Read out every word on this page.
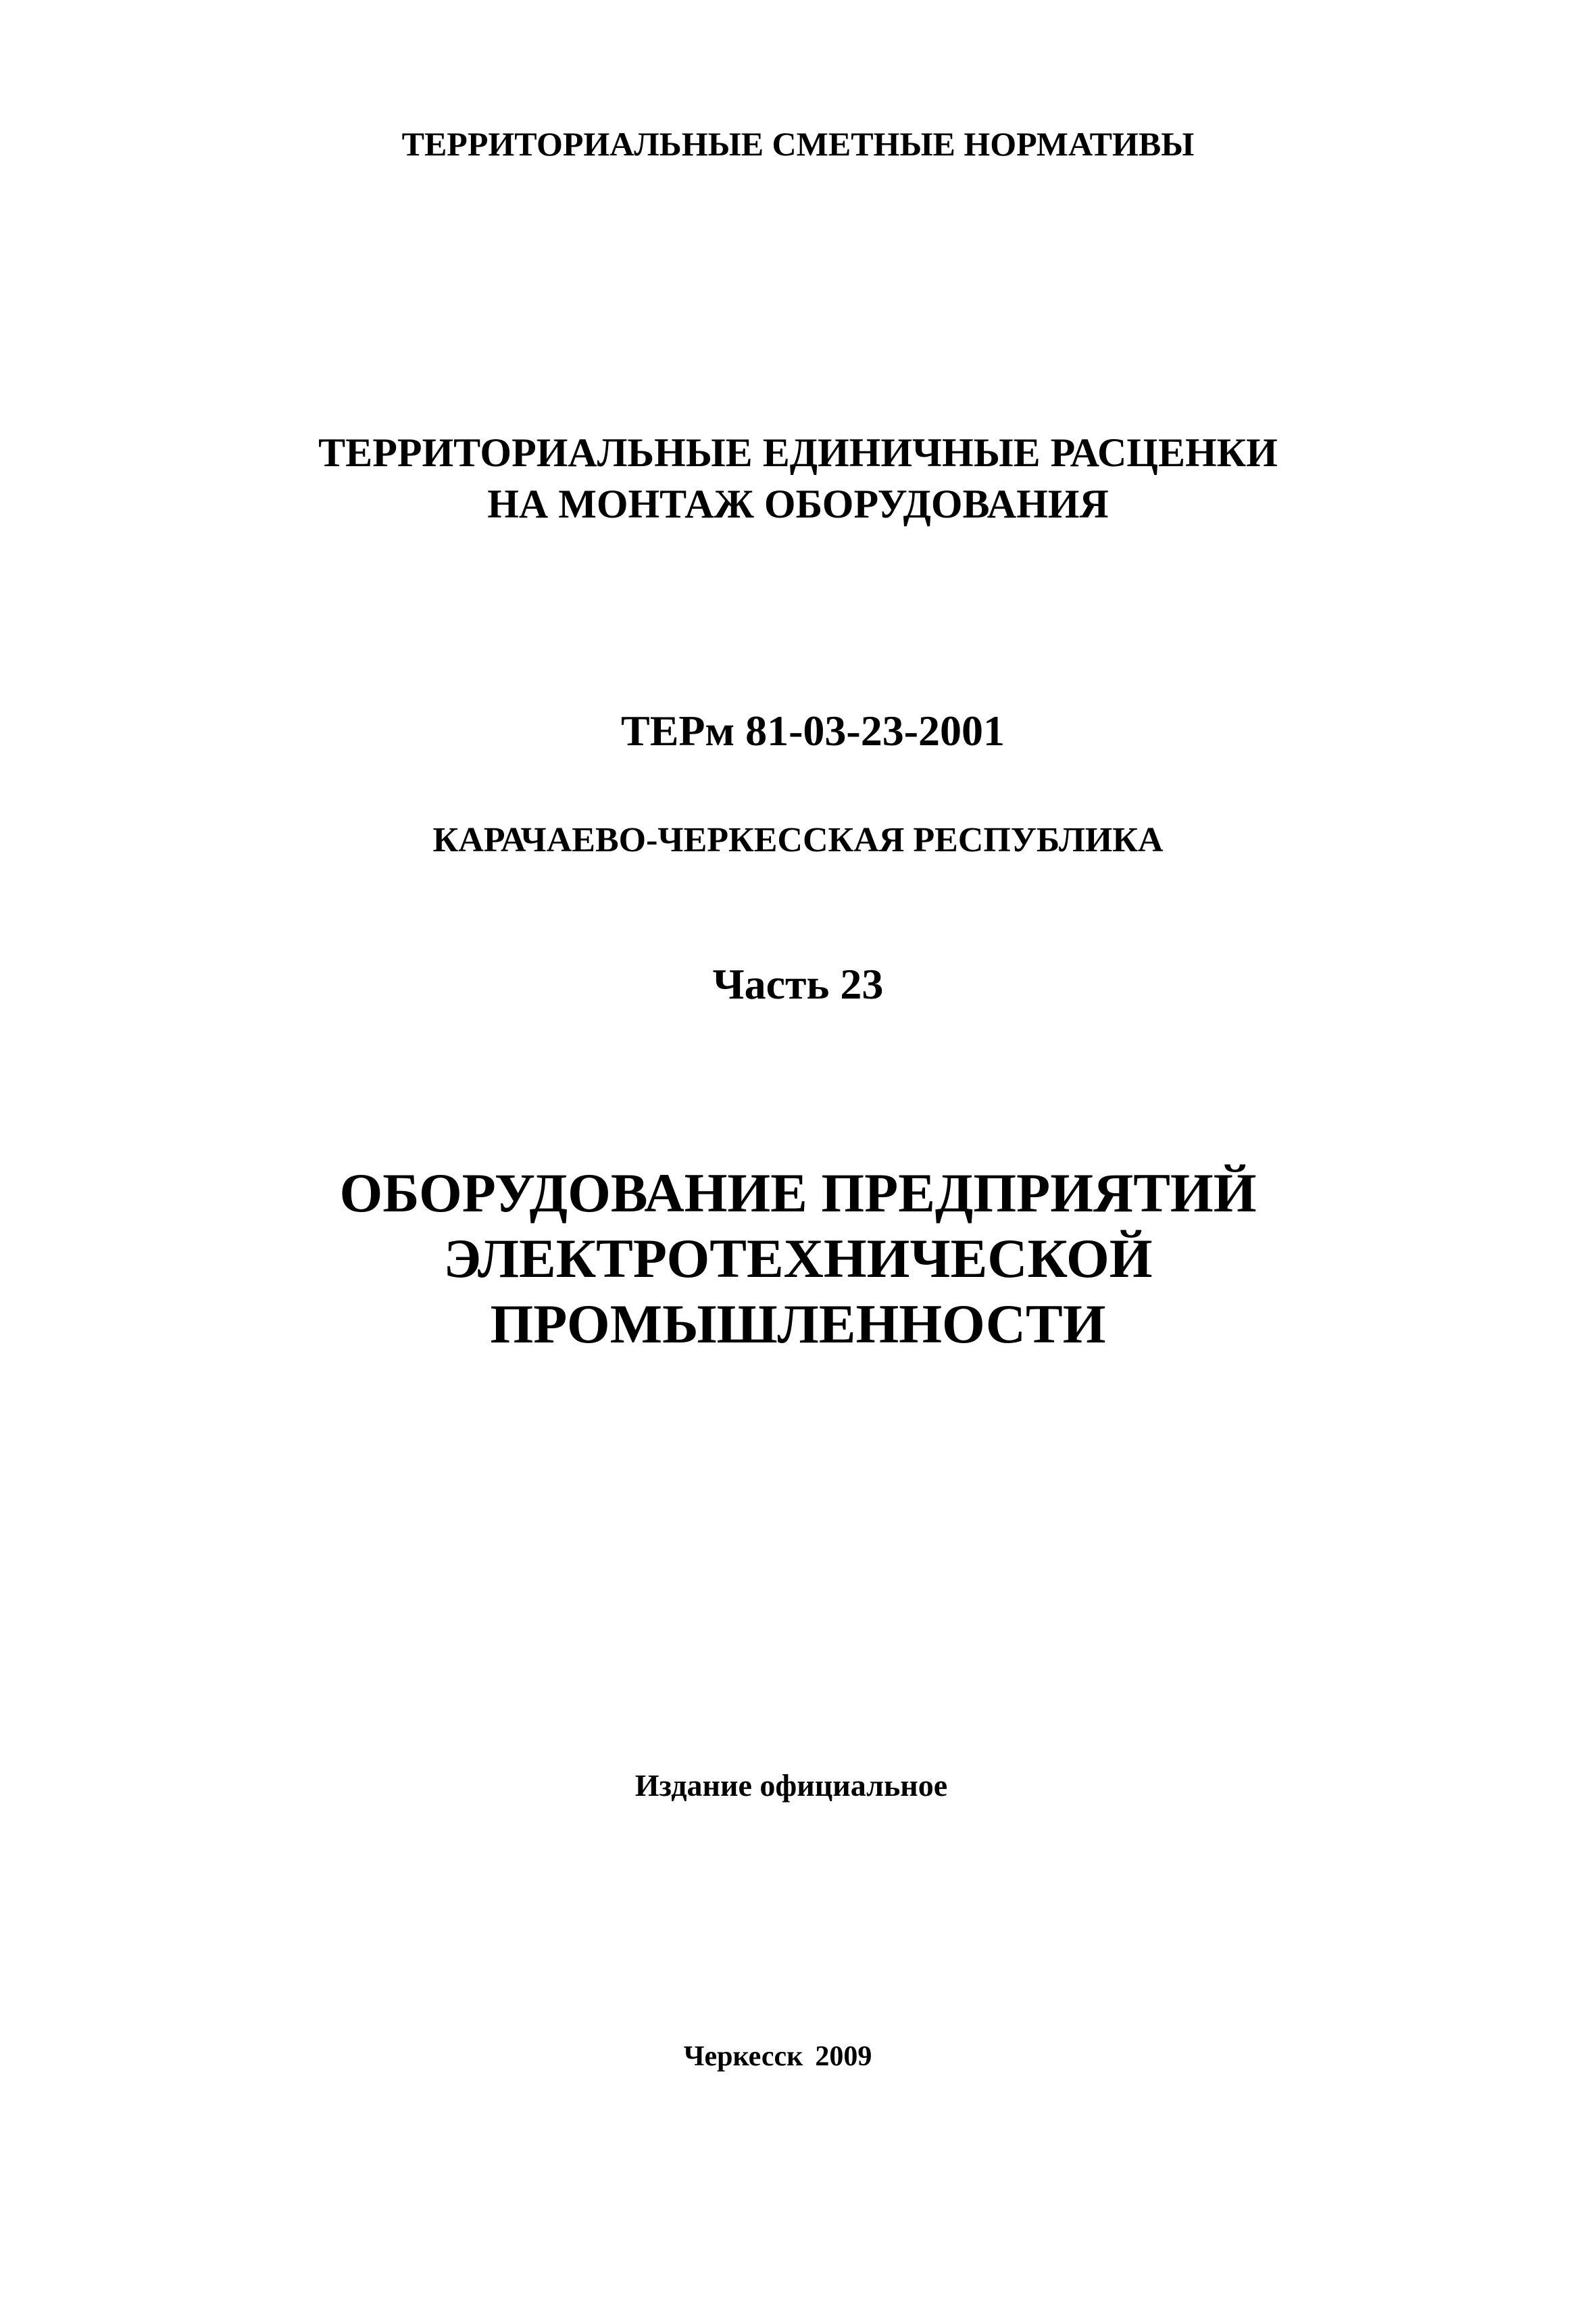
ТЕРРИТОРИАЛЬНЫЕ СМЕТНЫЕ НОРМАТИВЫ

ТЕРРИТОРИАЛЬНЫЕ ЕДИНИЧНЫЕ РАСЦЕНКИ

НА МОНТАЖ ОБОРУДОВАНИЯ

ТЕРм 81-03-23-2001

КАРАЧАЕВО-ЧЕРКЕССКАЯ РЕСПУБЛИКА

Часть 23

ОБОРУДОВАНИЕ ПРЕДПРИЯТИЙ

ЭЛЕКТРОТЕХНИЧЕСКОЙ

ПРОМЫШЛЕННОСТИ

Издание официальное

Черкесск 2009
